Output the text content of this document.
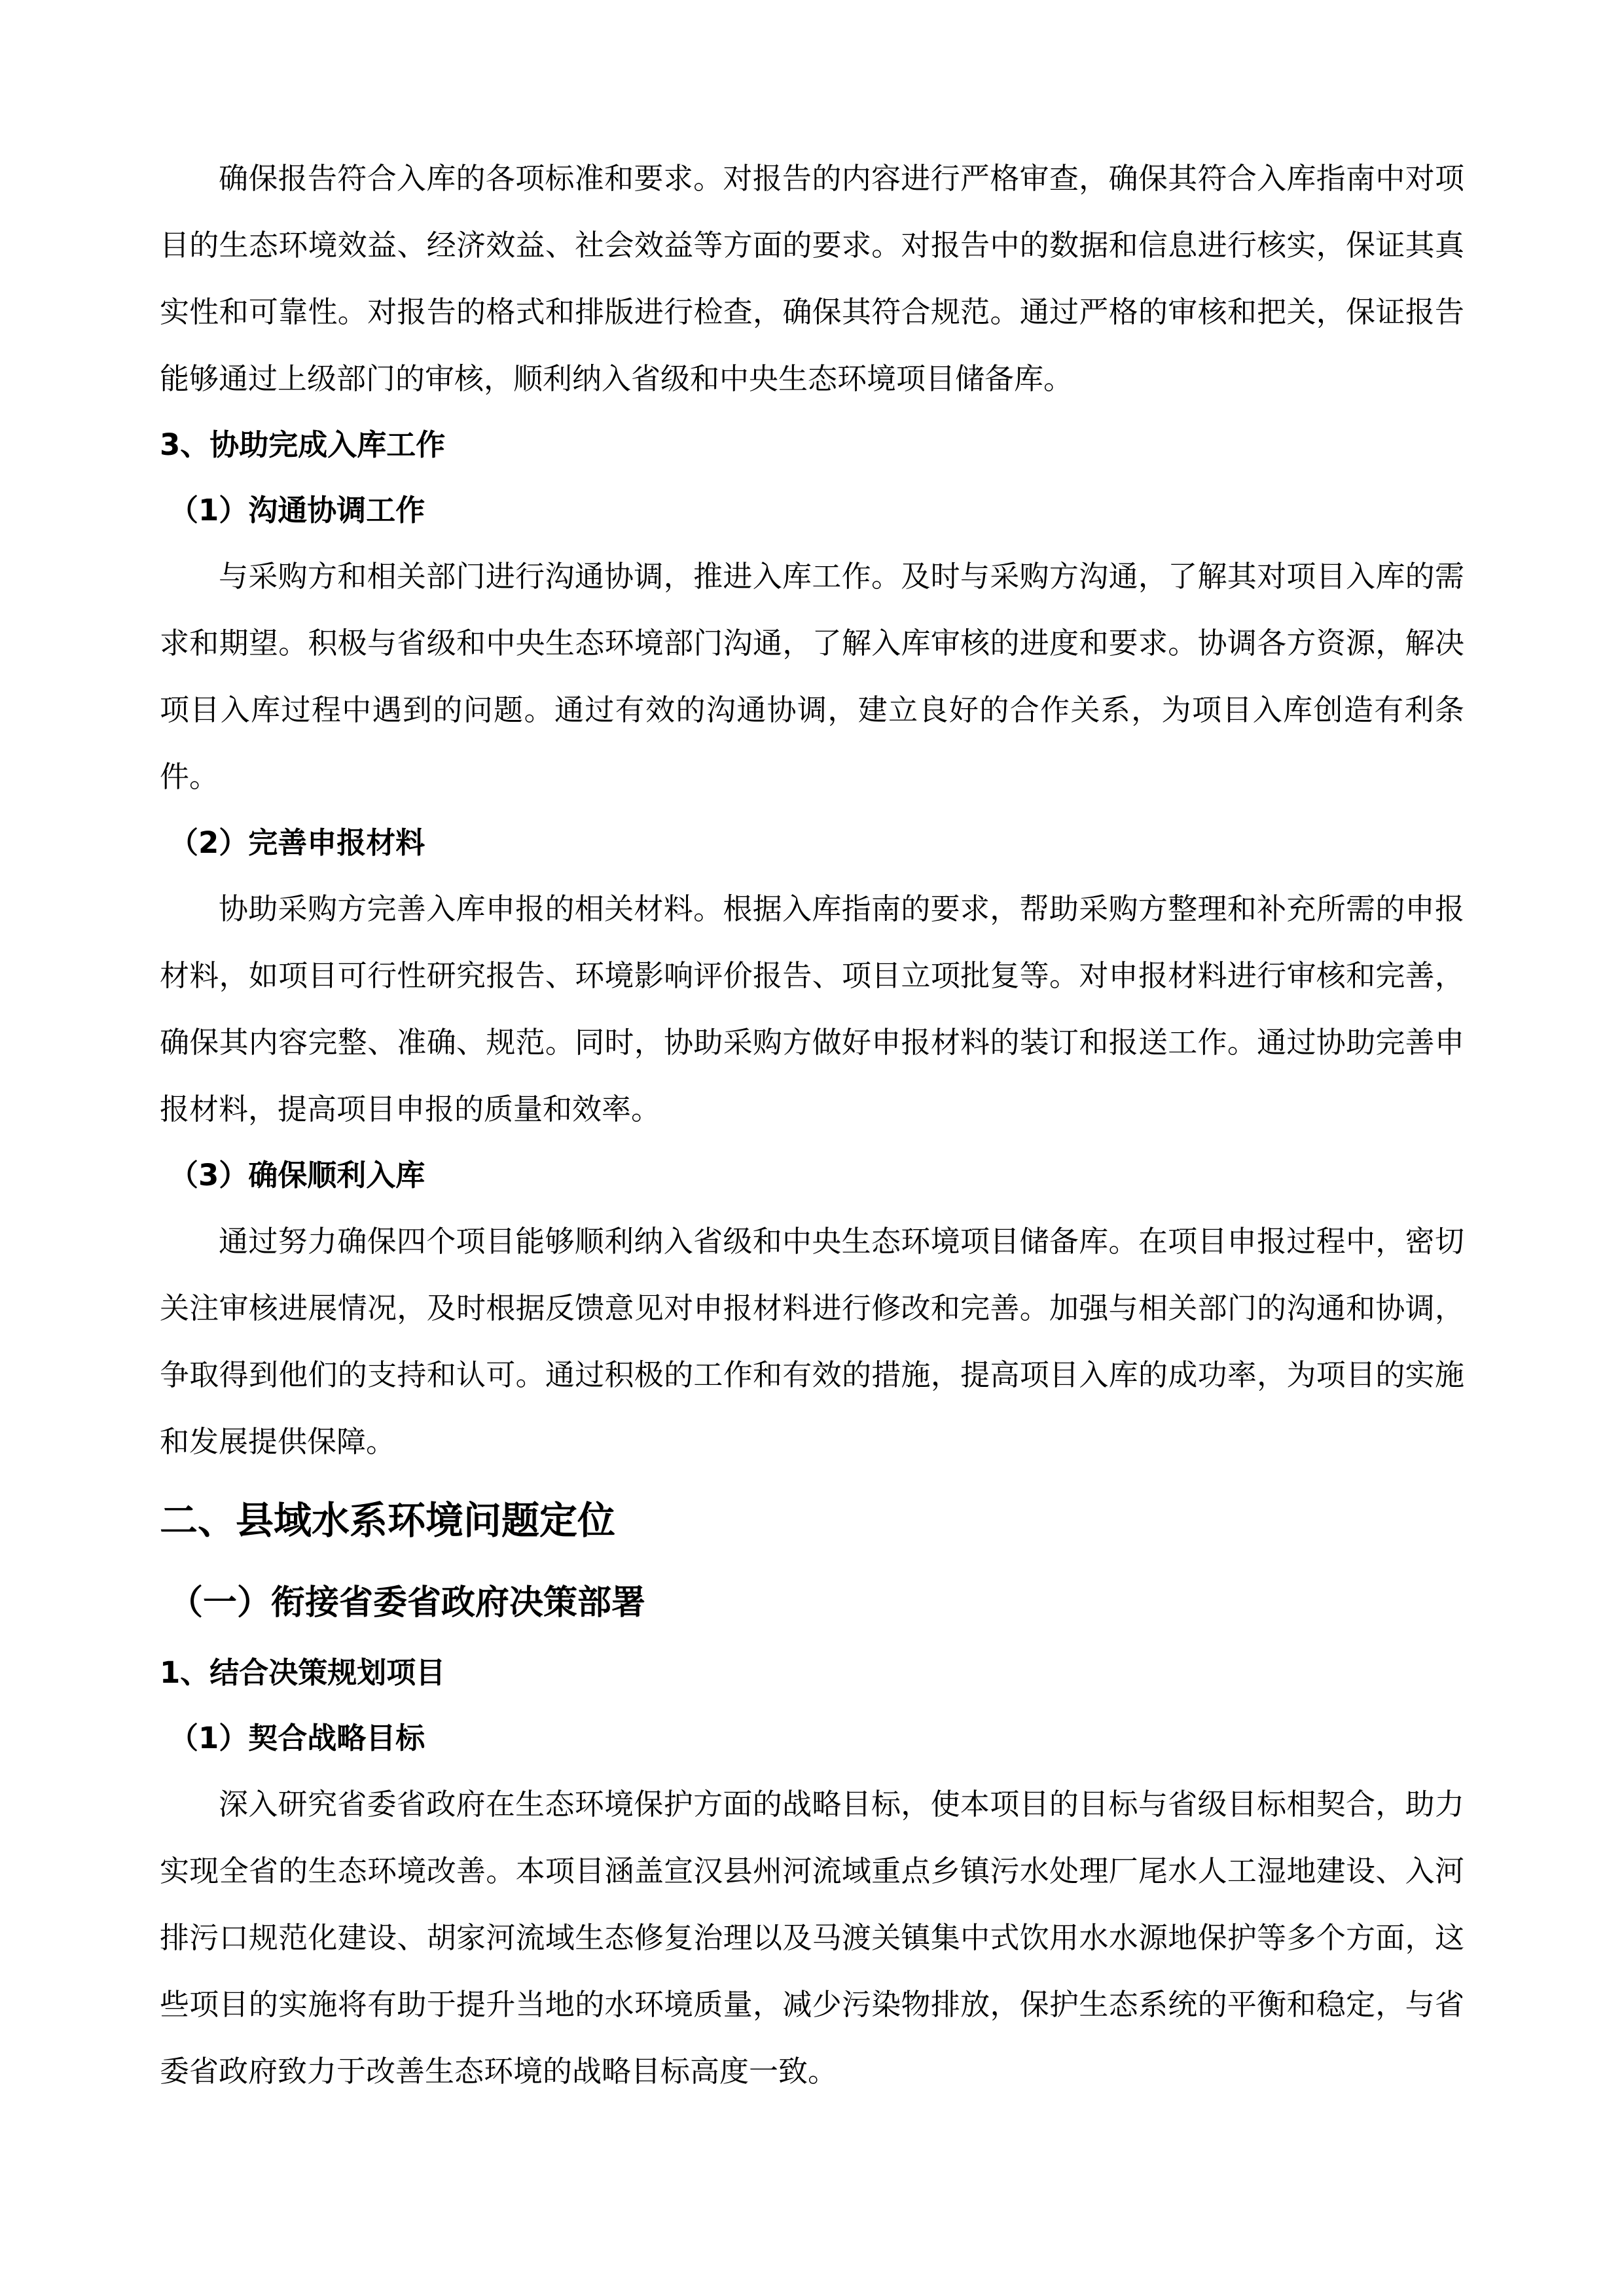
确保报告符合入库的各项标准和要求。对报告的内容进行严格审查，确保其符合入库指南中对项目的生态环境效益、经济效益、社会效益等方面的要求。对报告中的数据和信息进行核实，保证其真实性和可靠性。对报告的格式和排版进行检查，确保其符合规范。通过严格的审核和把关，保证报告能够通过上级部门的审核，顺利纳入省级和中央生态环境项目储备库。

3、协助完成入库工作

（1）沟通协调工作

与采购方和相关部门进行沟通协调，推进入库工作。及时与采购方沟通，了解其对项目入库的需求和期望。积极与省级和中央生态环境部门沟通，了解入库审核的进度和要求。协调各方资源，解决项目入库过程中遇到的问题。通过有效的沟通协调，建立良好的合作关系，为项目入库创造有利条件。

（2）完善申报材料

协助采购方完善入库申报的相关材料。根据入库指南的要求，帮助采购方整理和补充所需的申报材料，如项目可行性研究报告、环境影响评价报告、项目立项批复等。对申报材料进行审核和完善，确保其内容完整、准确、规范。同时，协助采购方做好申报材料的装订和报送工作。通过协助完善申报材料，提高项目申报的质量和效率。

（3）确保顺利入库

通过努力确保四个项目能够顺利纳入省级和中央生态环境项目储备库。在项目申报过程中，密切关注审核进展情况，及时根据反馈意见对申报材料进行修改和完善。加强与相关部门的沟通和协调，争取得到他们的支持和认可。通过积极的工作和有效的措施，提高项目入库的成功率，为项目的实施和发展提供保障。

二、县域水系环境问题定位

（一）衔接省委省政府决策部署

1、结合决策规划项目

（1）契合战略目标

深入研究省委省政府在生态环境保护方面的战略目标，使本项目的目标与省级目标相契合，助力实现全省的生态环境改善。本项目涵盖宣汉县州河流域重点乡镇污水处理厂尾水人工湿地建设、入河排污口规范化建设、胡家河流域生态修复治理以及马渡关镇集中式饮用水水源地保护等多个方面，这些项目的实施将有助于提升当地的水环境质量，减少污染物排放，保护生态系统的平衡和稳定，与省委省政府致力于改善生态环境的战略目标高度一致。
